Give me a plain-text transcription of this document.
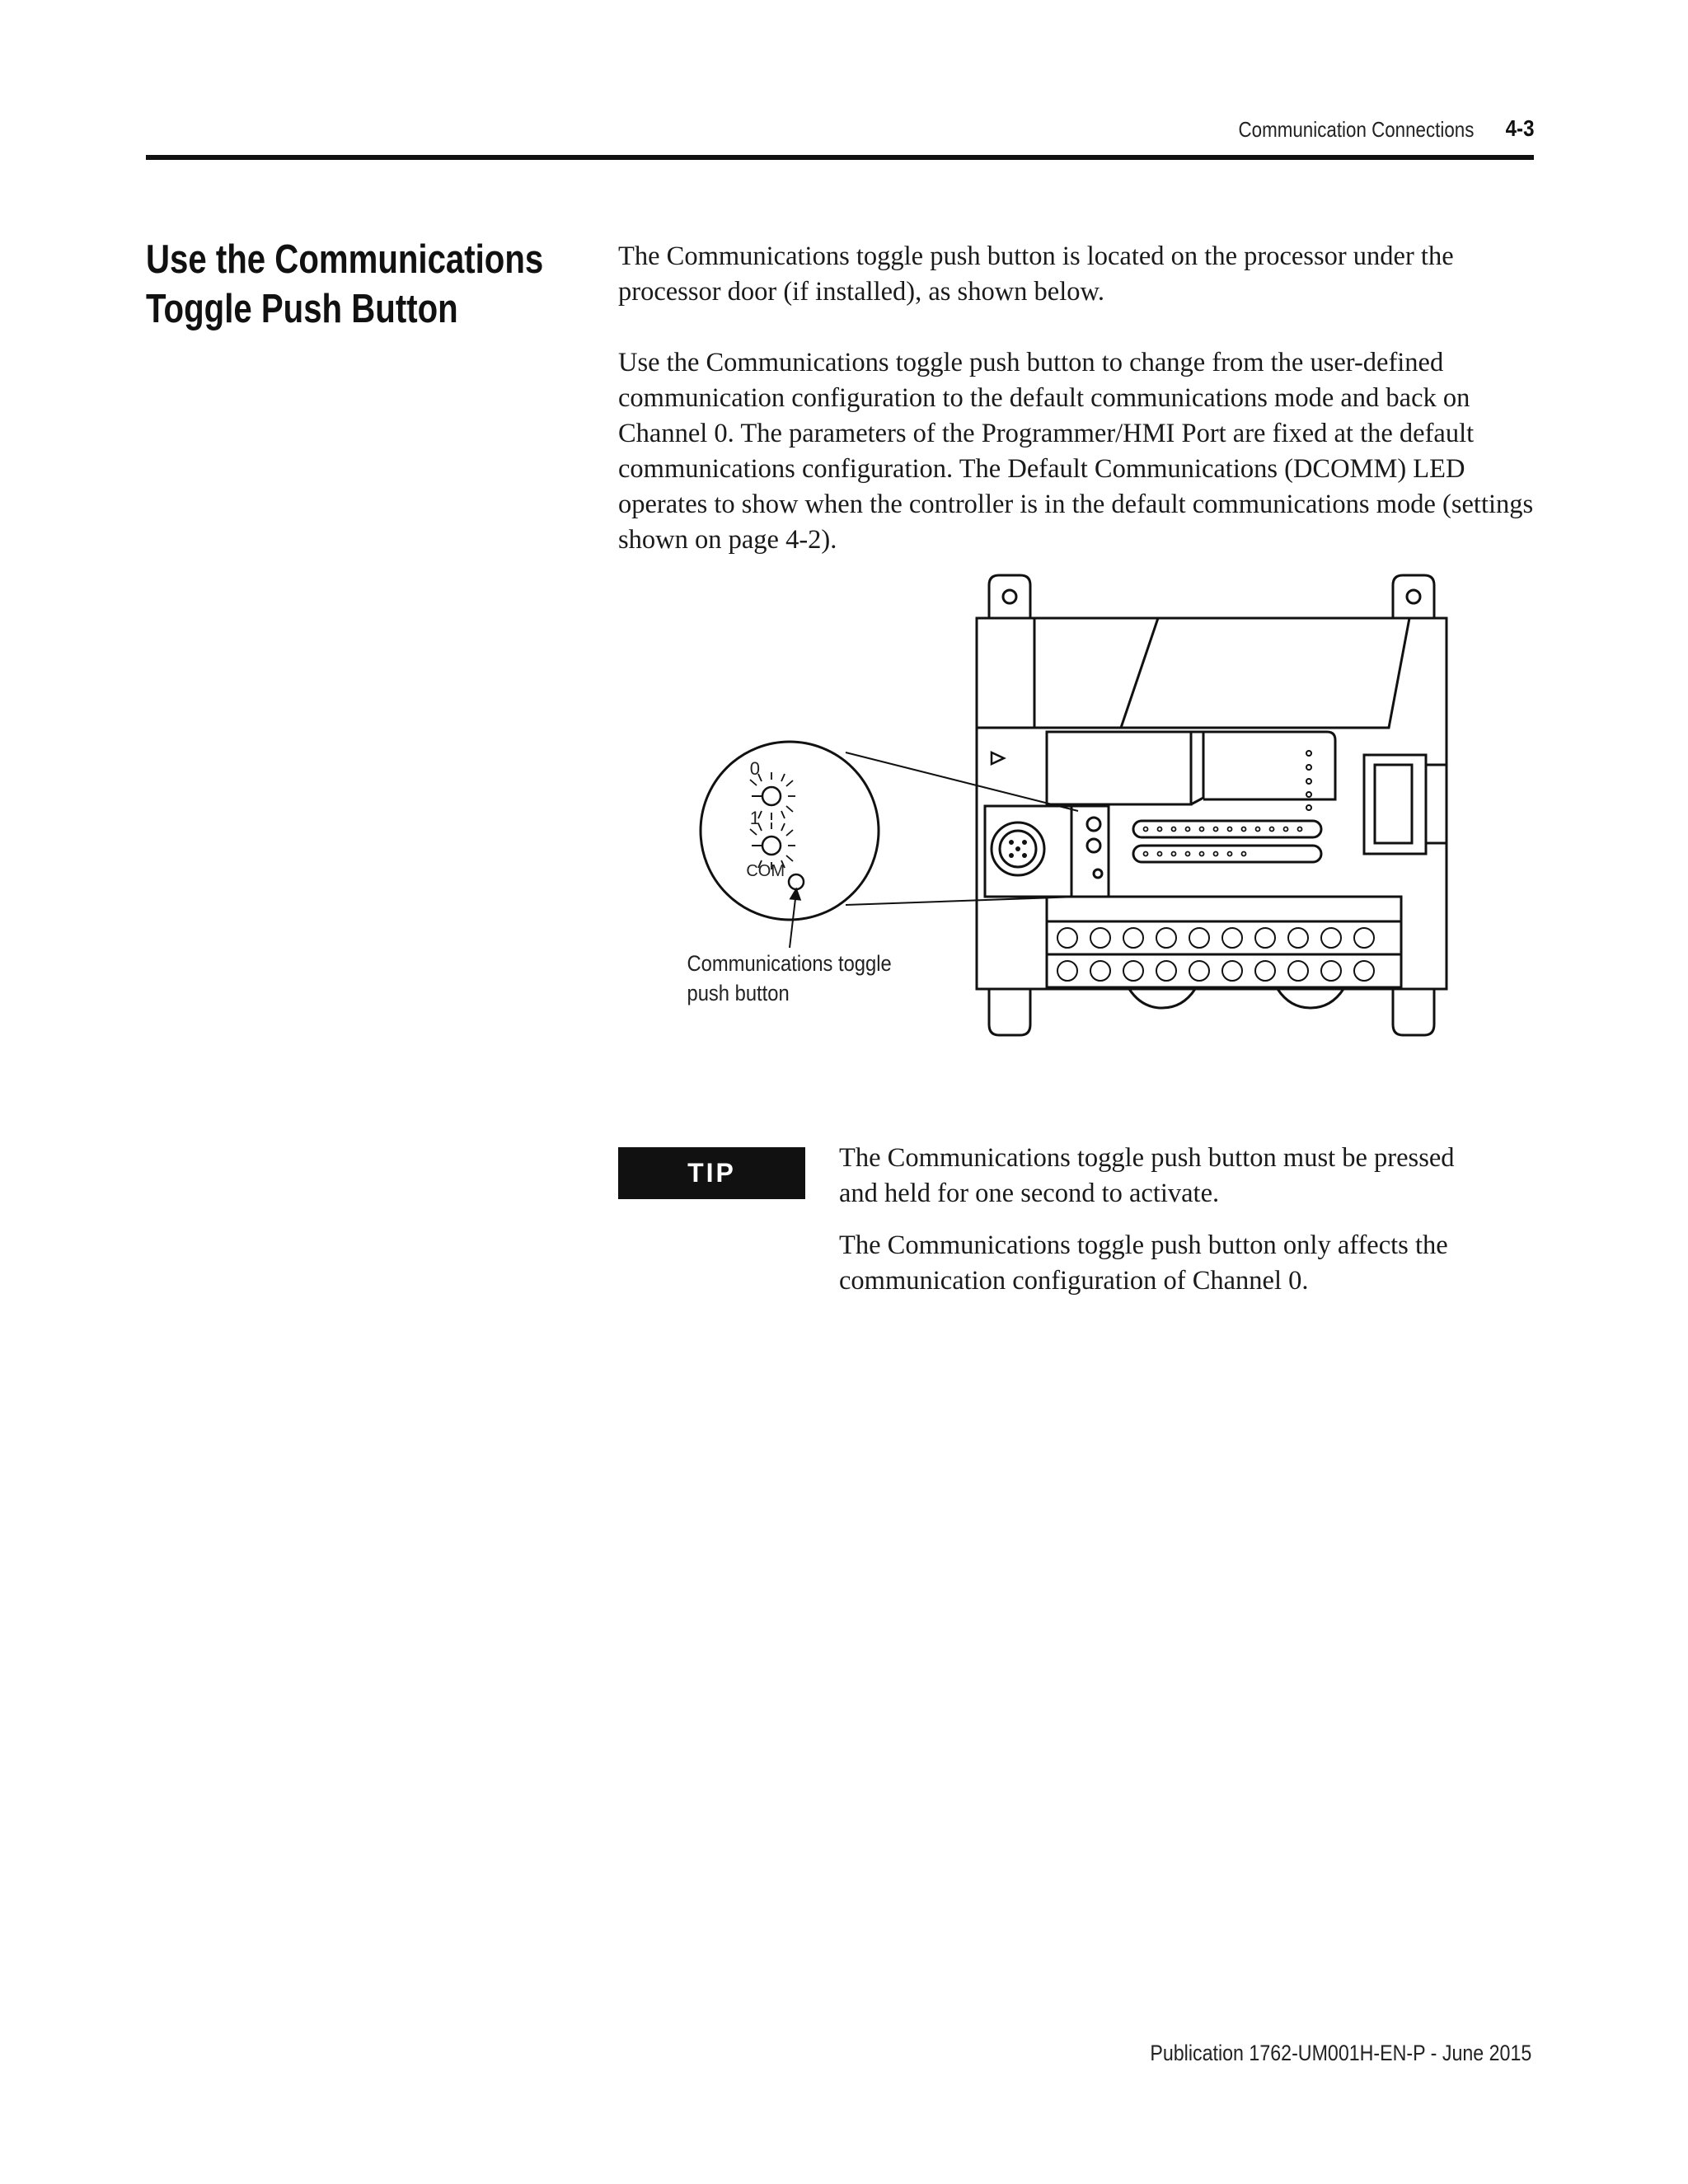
Communication Connections 4-3
Use the Communications
Toggle Push Button

The Communications toggle push button is located on the processor under the processor door (if installed), as shown below.

Use the Communications toggle push button to change from the user-defined communication configuration to the default communications mode and back on Channel 0. The parameters of the Programmer/HMI Port are fixed at the default communications configuration. The Default Communications (DCOMM) LED operates to show when the controller is in the default communications mode (settings shown on page 4-2).

0
1
COM
Communications toggle
push button
TIP	The Communications toggle push button must be pressed and held for one second to activate.

The Communications toggle push button only affects the communication configuration of Channel 0.

Publication 1762-UM001H-EN-P - June 2015
